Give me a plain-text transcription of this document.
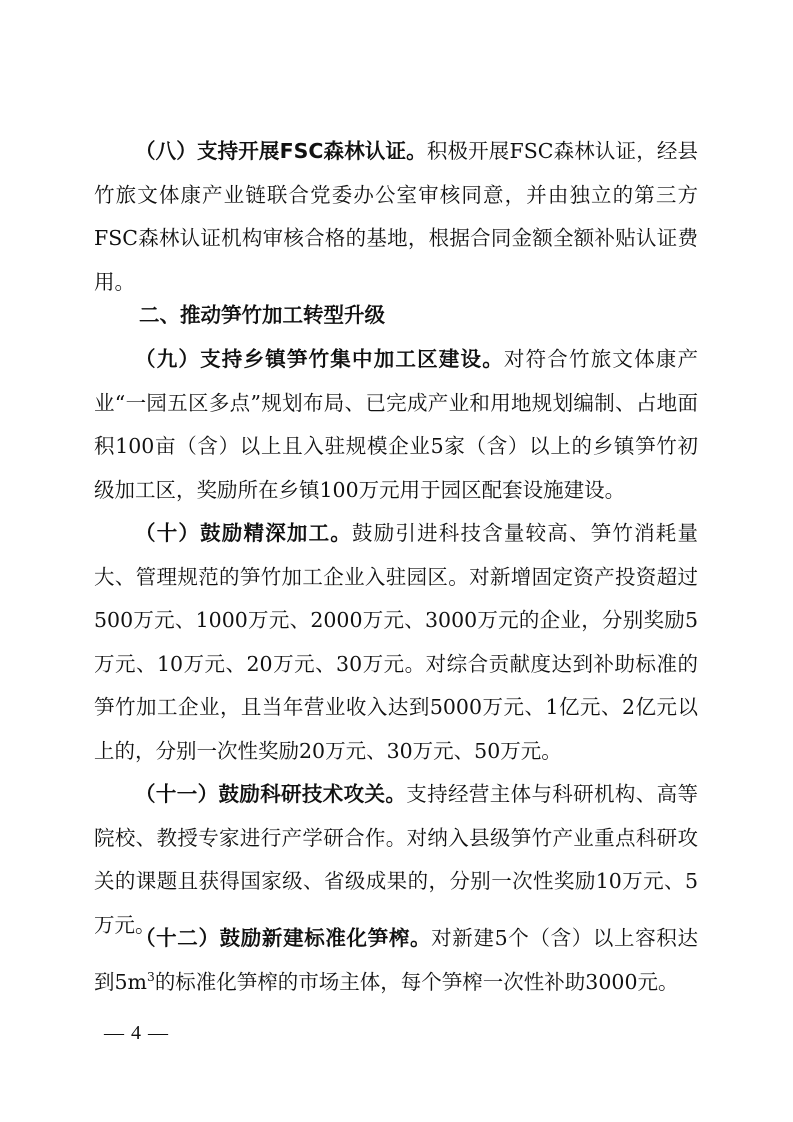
（八）支持开展FSC森林认证。积极开展FSC森林认证，经县竹旅文体康产业链联合党委办公室审核同意，并由独立的第三方FSC森林认证机构审核合格的基地，根据合同金额全额补贴认证费用。

二、推动笋竹加工转型升级

（九）支持乡镇笋竹集中加工区建设。对符合竹旅文体康产业“一园五区多点”规划布局、已完成产业和用地规划编制、占地面积100亩（含）以上且入驻规模企业5家（含）以上的乡镇笋竹初级加工区，奖励所在乡镇100万元用于园区配套设施建设。

（十）鼓励精深加工。鼓励引进科技含量较高、笋竹消耗量大、管理规范的笋竹加工企业入驻园区。对新增固定资产投资超过500万元、1000万元、2000万元、3000万元的企业，分别奖励5万元、10万元、20万元、30万元。对综合贡献度达到补助标准的笋竹加工企业，且当年营业收入达到5000万元、1亿元、2亿元以上的，分别一次性奖励20万元、30万元、50万元。

（十一）鼓励科研技术攻关。支持经营主体与科研机构、高等院校、教授专家进行产学研合作。对纳入县级笋竹产业重点科研攻关的课题且获得国家级、省级成果的，分别一次性奖励10万元、5万元。

（十二）鼓励新建标准化笋榨。对新建5个（含）以上容积达到$5m^3$的标准化笋榨的市场主体，每个笋榨一次性补助3000元。

— 4 —
